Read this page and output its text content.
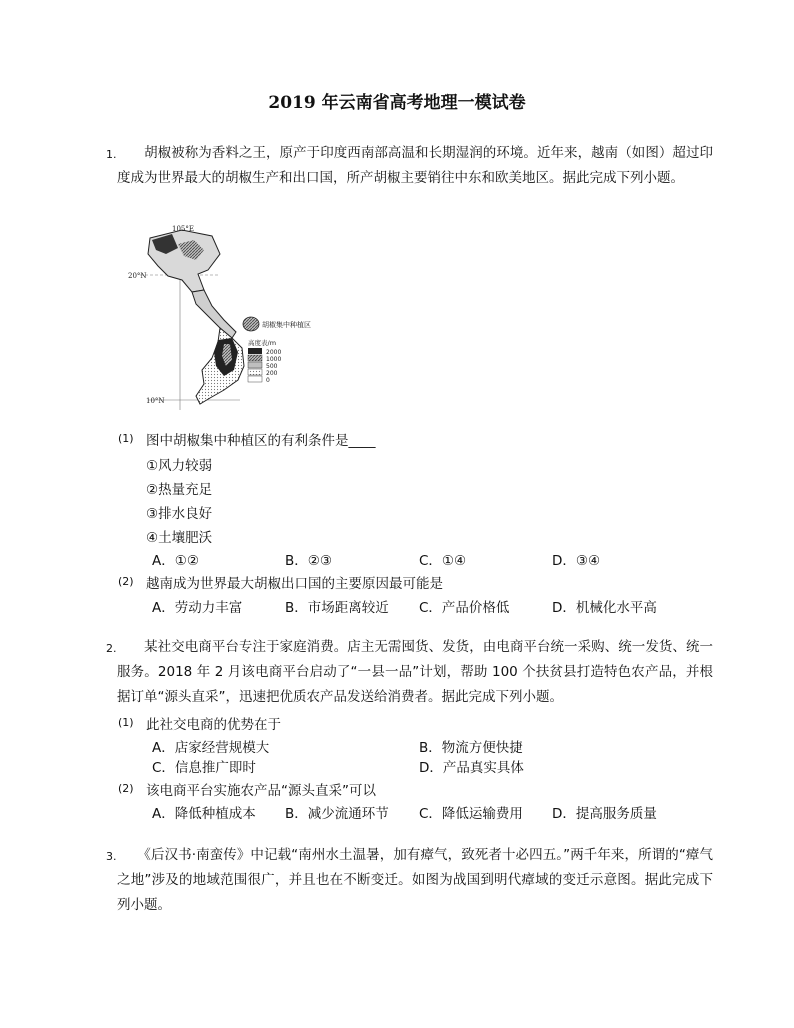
2019 年云南省高考地理一模试卷
1. 　　胡椒被称为香料之王，原产于印度西南部高温和长期湿润的环境。近年来，越南（如图）超过印度成为世界最大的胡椒生产和出口国，所产胡椒主要销往中东和欧美地区。据此完成下列小题。
105°E
20°N
10°N
胡椒集中种植区
高度表/m
2000
1000
500
200
0
(1) 图中胡椒集中种植区的有利条件是____
①风力较弱
②热量充足
③排水良好
④土壤肥沃
A．①②	B．②③	C．①④	D．③④
(2) 越南成为世界最大胡椒出口国的主要原因最可能是
A．劳动力丰富	B．市场距离较近 C．产品价格低	D．机械化水平高
2. 　　某社交电商平台专注于家庭消费。店主无需囤货、发货，由电商平台统一采购、统一发货、统一服务。2018 年 2 月该电商平台启动了“一县一品”计划，帮助 100 个扶贫县打造特色农产品，并根据订单“源头直采”，迅速把优质农产品发送给消费者。据此完成下列小题。
(1) 此社交电商的优势在于
A．店家经营规模大	B．物流方便快捷
C．信息推广即时	D．产品真实具体
(2) 该电商平台实施农产品“源头直采”可以
A．降低种植成本 B．减少流通环节 C．降低运输费用 D．提高服务质量
3. 　　《后汉书·南蛮传》中记载“南州水土温暑，加有瘴气，致死者十必四五。”两千年来，所谓的“瘴气之地”涉及的地域范围很广，并且也在不断变迁。如图为战国到明代瘴域的变迁示意图。据此完成下列小题。
